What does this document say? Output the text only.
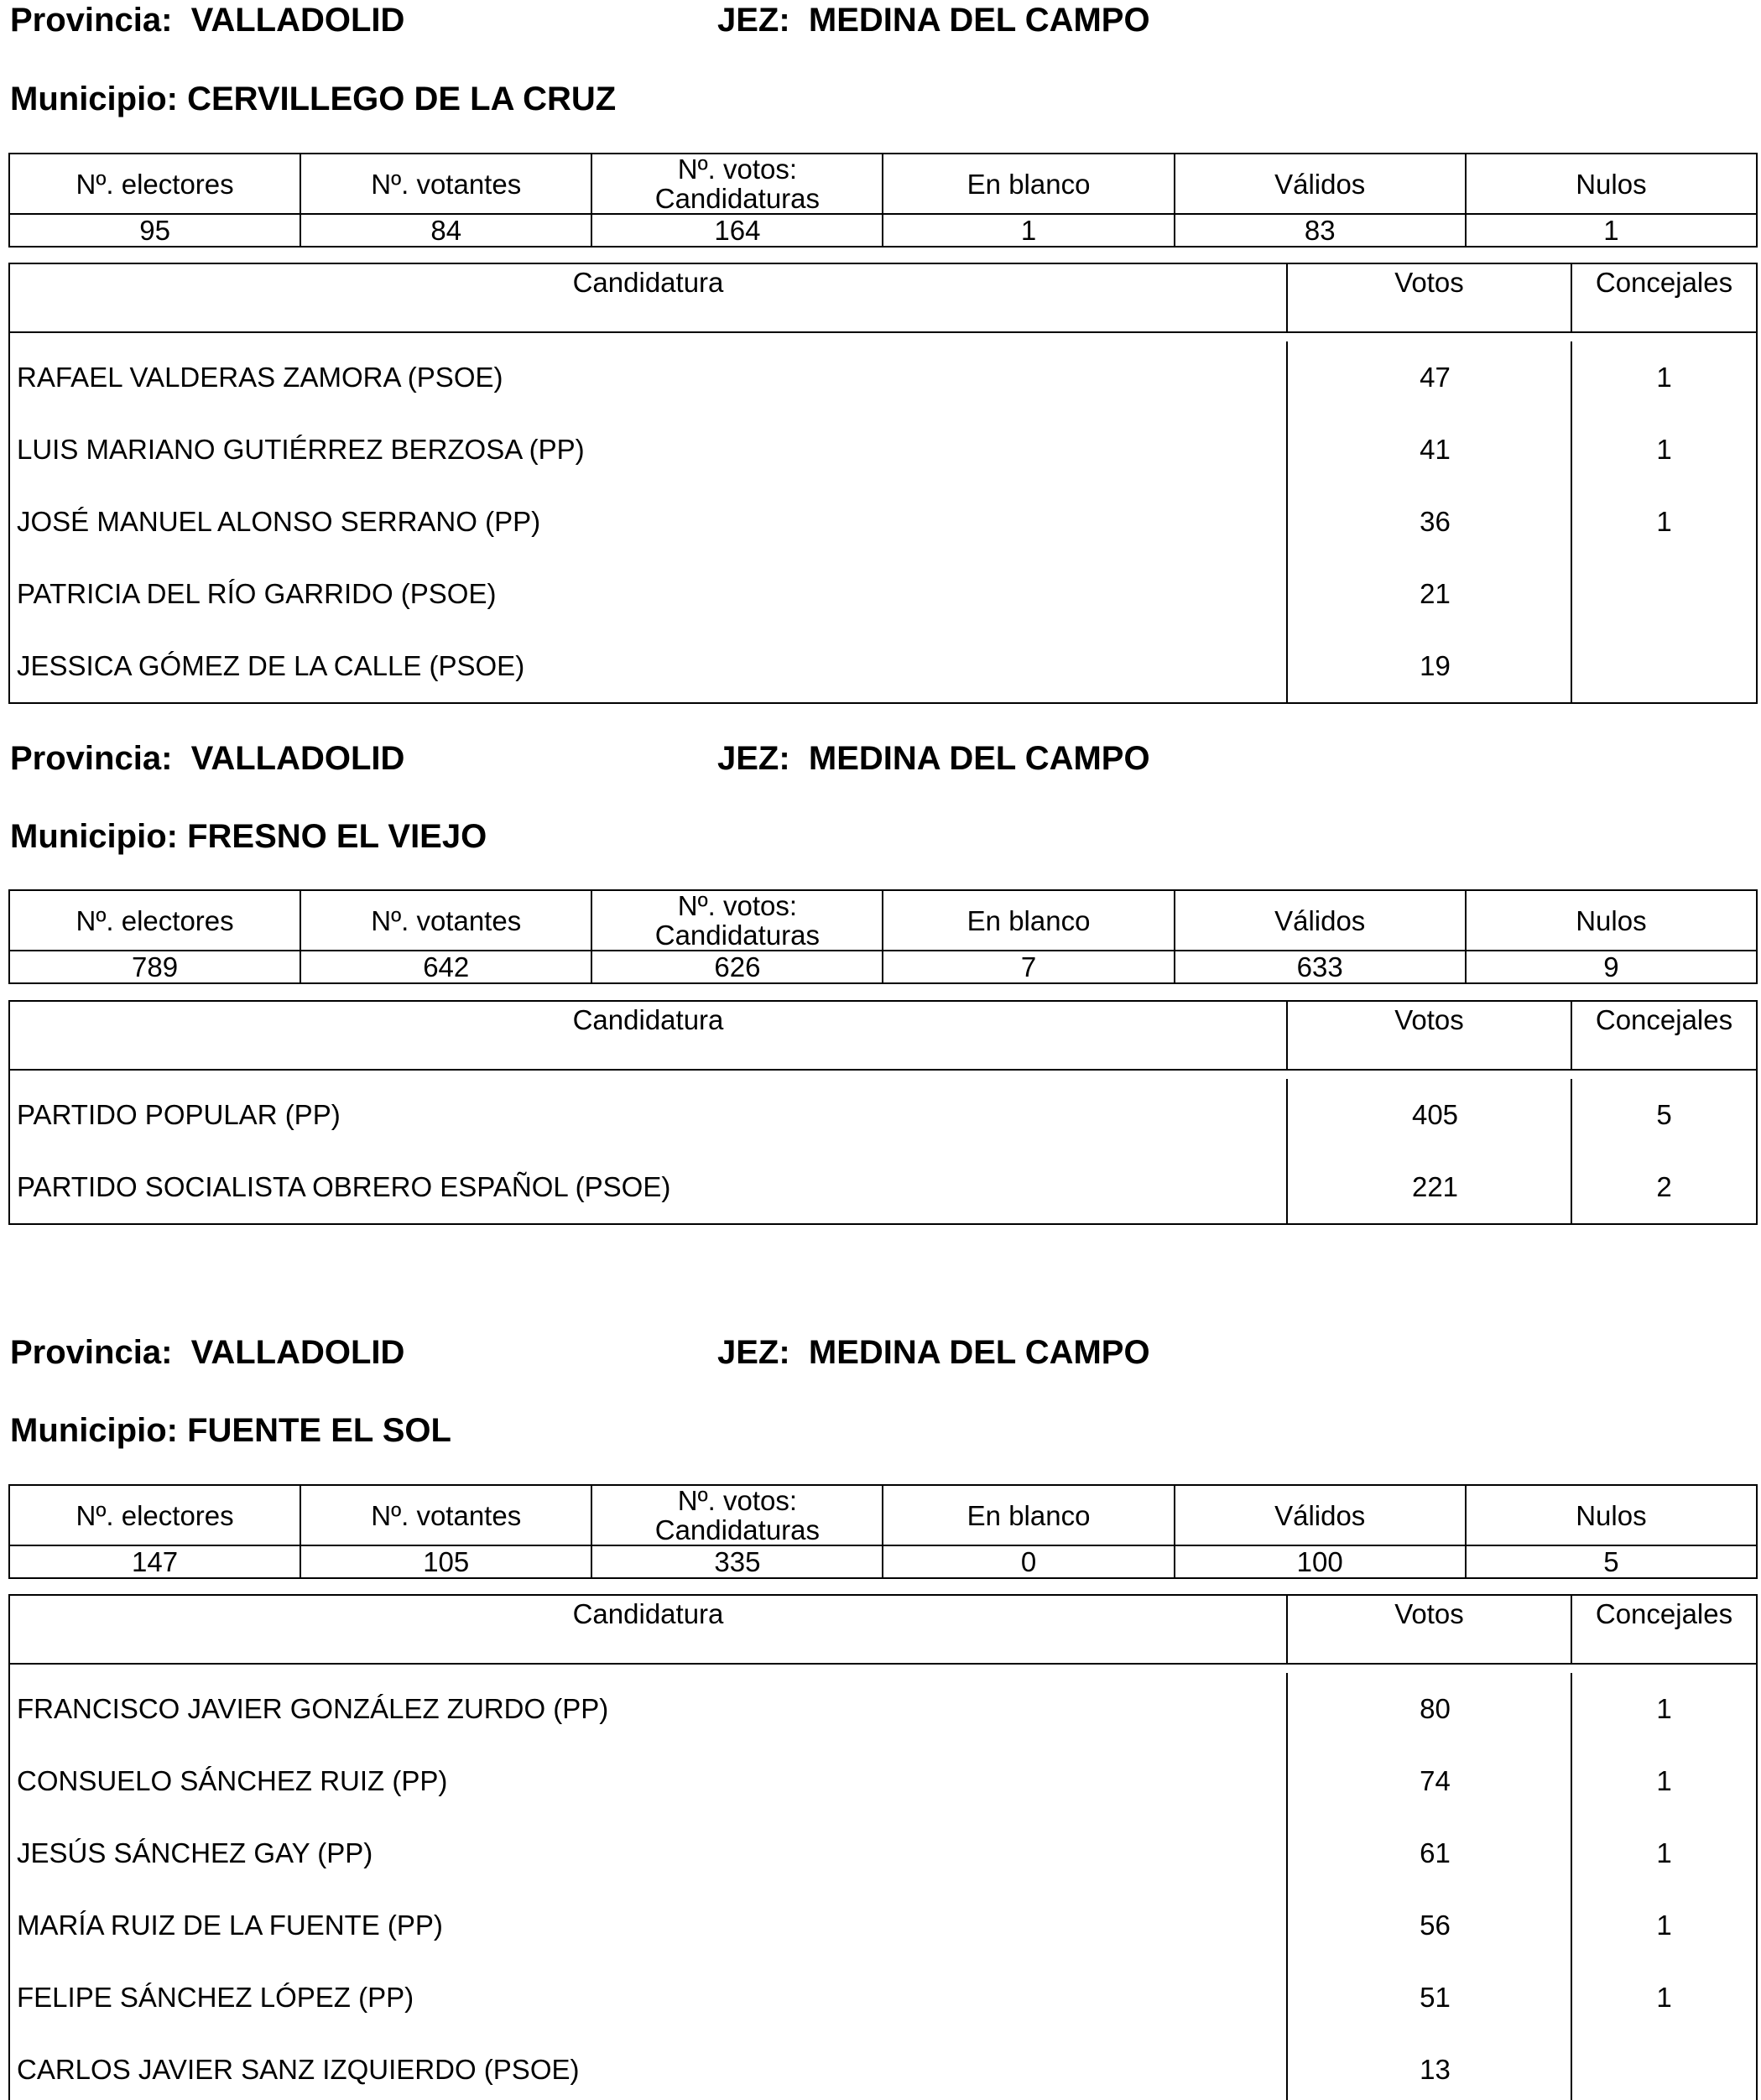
Provincia: VALLADOLID	JEZ: MEDINA DEL CAMPO
Municipio: CERVILLEGO DE LA CRUZ
Nº. electores	Nº. votantes	Nº. votos: Candidaturas	En blanco	Válidos	Nulos
95	84	164	1	83	1
Candidatura	Votos	Concejales
RAFAEL VALDERAS ZAMORA (PSOE)	47	1
LUIS MARIANO GUTIÉRREZ BERZOSA (PP)	41	1
JOSÉ MANUEL ALONSO SERRANO (PP)	36	1
PATRICIA DEL RÍO GARRIDO (PSOE)	21
JESSICA GÓMEZ DE LA CALLE (PSOE)	19
Provincia: VALLADOLID	JEZ: MEDINA DEL CAMPO
Municipio: FRESNO EL VIEJO
Nº. electores	Nº. votantes	Nº. votos: Candidaturas	En blanco	Válidos	Nulos
789	642	626	7	633	9
Candidatura	Votos	Concejales
PARTIDO POPULAR (PP)	405	5
PARTIDO SOCIALISTA OBRERO ESPAÑOL (PSOE)	221	2
Provincia: VALLADOLID	JEZ: MEDINA DEL CAMPO
Municipio: FUENTE EL SOL
Nº. electores	Nº. votantes	Nº. votos: Candidaturas	En blanco	Válidos	Nulos
147	105	335	0	100	5
Candidatura	Votos	Concejales
FRANCISCO JAVIER GONZÁLEZ ZURDO (PP)	80	1
CONSUELO SÁNCHEZ RUIZ (PP)	74	1
JESÚS SÁNCHEZ GAY (PP)	61	1
MARÍA RUIZ DE LA FUENTE (PP)	56	1
FELIPE SÁNCHEZ LÓPEZ (PP)	51	1
CARLOS JAVIER SANZ IZQUIERDO (PSOE)	13
